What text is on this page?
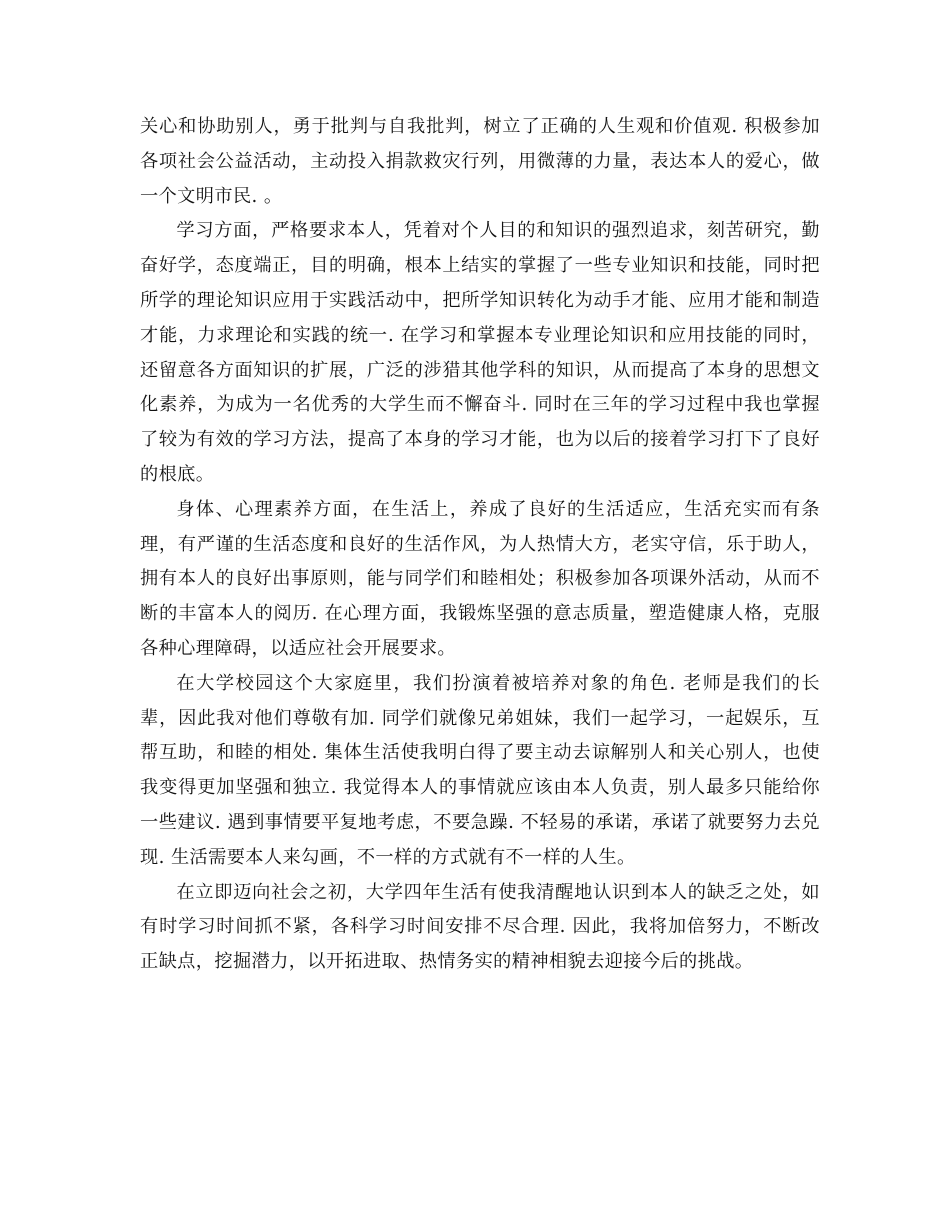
关心和协助别人，勇于批判与自我批判，树立了正确的人生观和价值观. 积极参加各项社会公益活动，主动投入捐款救灾行列，用微薄的力量，表达本人的爱心，做一个文明市民. 。

学习方面，严格要求本人，凭着对个人目的和知识的强烈追求，刻苦研究，勤奋好学，态度端正，目的明确，根本上结实的掌握了一些专业知识和技能，同时把所学的理论知识应用于实践活动中，把所学知识转化为动手才能、应用才能和制造才能，力求理论和实践的统一. 在学习和掌握本专业理论知识和应用技能的同时，还留意各方面知识的扩展，广泛的涉猎其他学科的知识，从而提高了本身的思想文化素养，为成为一名优秀的大学生而不懈奋斗. 同时在三年的学习过程中我也掌握了较为有效的学习方法，提高了本身的学习才能，也为以后的接着学习打下了良好的根底。

身体、心理素养方面，在生活上，养成了良好的生活适应，生活充实而有条理，有严谨的生活态度和良好的生活作风，为人热情大方，老实守信，乐于助人，拥有本人的良好出事原则，能与同学们和睦相处；积极参加各项课外活动，从而不断的丰富本人的阅历. 在心理方面，我锻炼坚强的意志质量，塑造健康人格，克服各种心理障碍，以适应社会开展要求。

在大学校园这个大家庭里，我们扮演着被培养对象的角色. 老师是我们的长辈，因此我对他们尊敬有加. 同学们就像兄弟姐妹，我们一起学习，一起娱乐，互帮互助，和睦的相处. 集体生活使我明白得了要主动去谅解别人和关心别人，也使我变得更加坚强和独立. 我觉得本人的事情就应该由本人负责，别人最多只能给你一些建议. 遇到事情要平复地考虑，不要急躁. 不轻易的承诺，承诺了就要努力去兑现. 生活需要本人来勾画，不一样的方式就有不一样的人生。

在立即迈向社会之初，大学四年生活有使我清醒地认识到本人的缺乏之处，如有时学习时间抓不紧，各科学习时间安排不尽合理. 因此，我将加倍努力，不断改正缺点，挖掘潜力，以开拓进取、热情务实的精神相貌去迎接今后的挑战。
